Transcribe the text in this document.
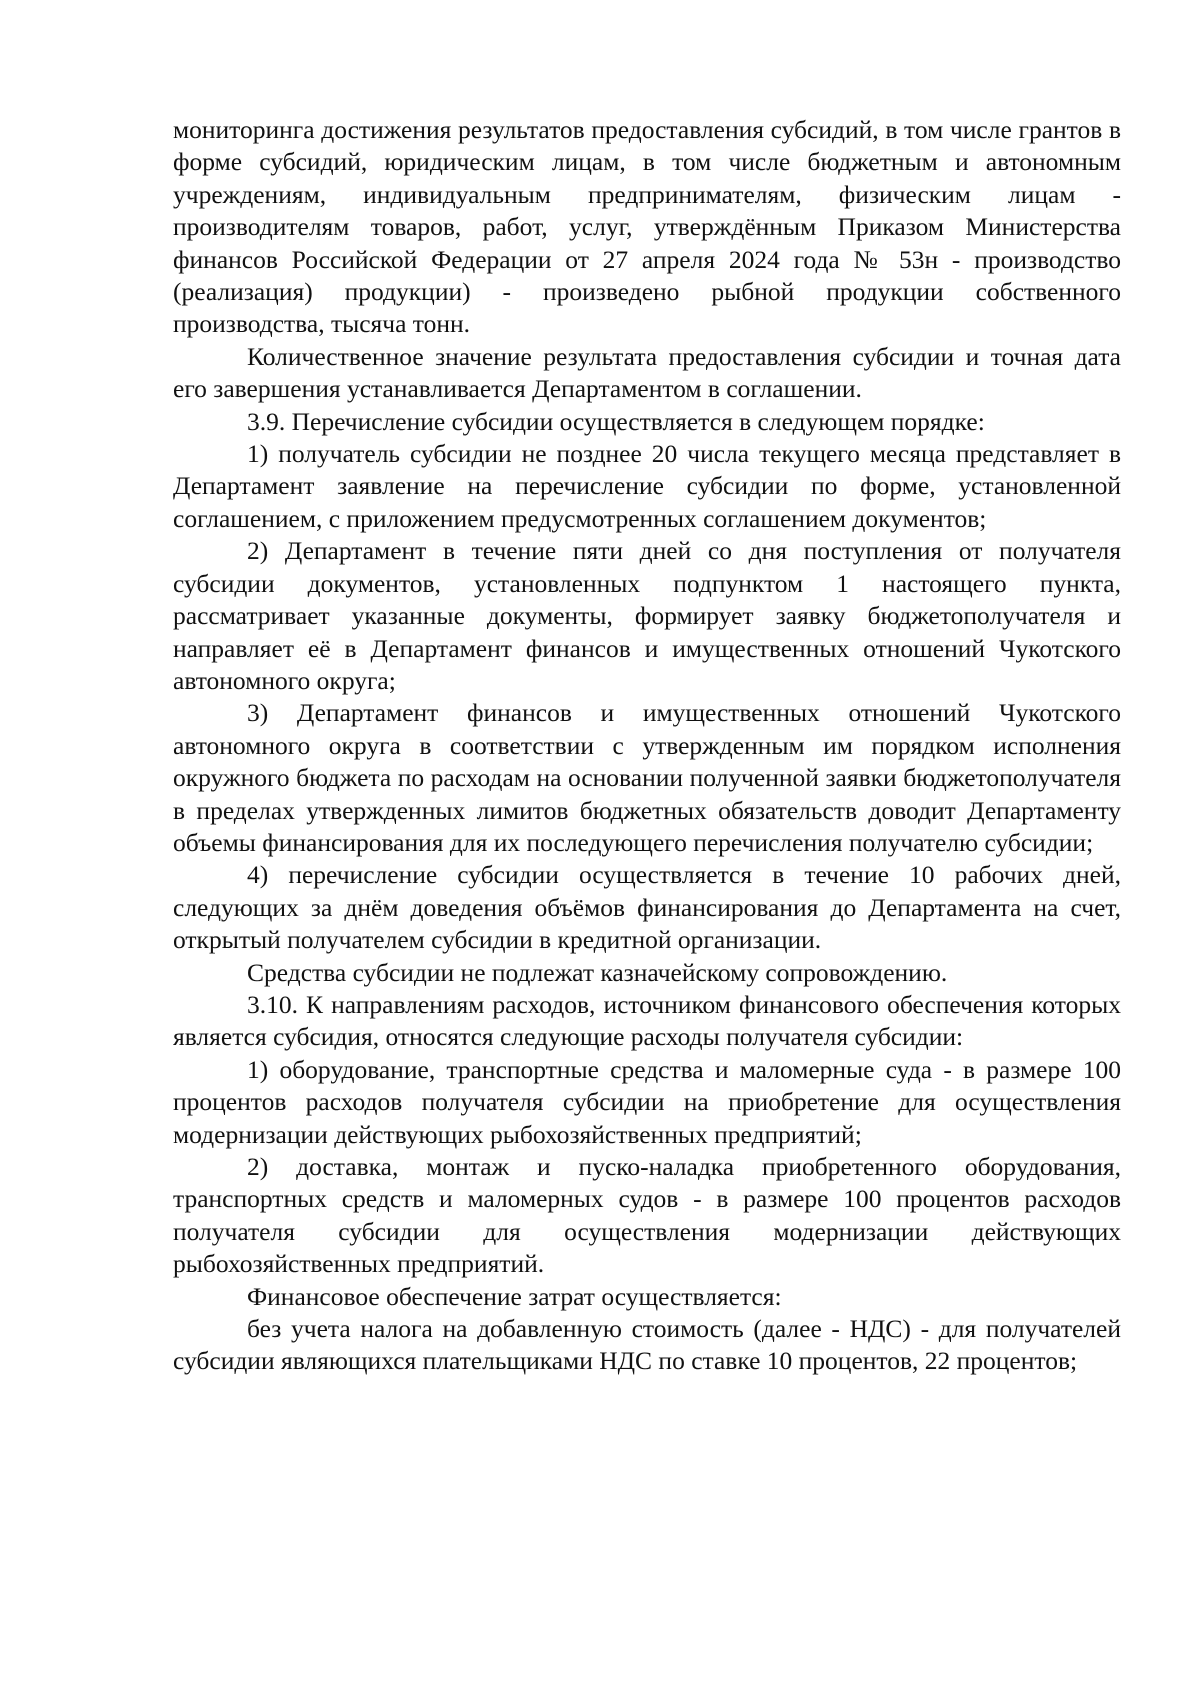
мониторинга достижения результатов предоставления субсидий, в том числе грантов в форме субсидий, юридическим лицам, в том числе бюджетным и автономным учреждениям, индивидуальным предпринимателям, физическим лицам - производителям товаров, работ, услуг, утверждённым Приказом Министерства финансов Российской Федерации от 27 апреля 2024 года № 53н - производство (реализация) продукции) - произведено рыбной продукции собственного производства, тысяча тонн.

Количественное значение результата предоставления субсидии и точная дата его завершения устанавливается Департаментом в соглашении.

3.9. Перечисление субсидии осуществляется в следующем порядке:

1) получатель субсидии не позднее 20 числа текущего месяца представляет в Департамент заявление на перечисление субсидии по форме, установленной соглашением, с приложением предусмотренных соглашением документов;

2) Департамент в течение пяти дней со дня поступления от получателя субсидии документов, установленных подпунктом 1 настоящего пункта, рассматривает указанные документы, формирует заявку бюджетополучателя и направляет её в Департамент финансов и имущественных отношений Чукотского автономного округа;

3) Департамент финансов и имущественных отношений Чукотского автономного округа в соответствии с утвержденным им порядком исполнения окружного бюджета по расходам на основании полученной заявки бюджетополучателя в пределах утвержденных лимитов бюджетных обязательств доводит Департаменту объемы финансирования для их последующего перечисления получателю субсидии;

4) перечисление субсидии осуществляется в течение 10 рабочих дней, следующих за днём доведения объёмов финансирования до Департамента на счет, открытый получателем субсидии в кредитной организации.

Средства субсидии не подлежат казначейскому сопровождению.

3.10. К направлениям расходов, источником финансового обеспечения которых является субсидия, относятся следующие расходы получателя субсидии:

1) оборудование, транспортные средства и маломерные суда - в размере 100 процентов расходов получателя субсидии на приобретение для осуществления модернизации действующих рыбохозяйственных предприятий;

2) доставка, монтаж и пуско-наладка приобретенного оборудования, транспортных средств и маломерных судов - в размере 100 процентов расходов получателя субсидии для осуществления модернизации действующих рыбохозяйственных предприятий.

Финансовое обеспечение затрат осуществляется:

без учета налога на добавленную стоимость (далее - НДС) - для получателей субсидии являющихся плательщиками НДС по ставке 10 процентов, 22 процентов;
